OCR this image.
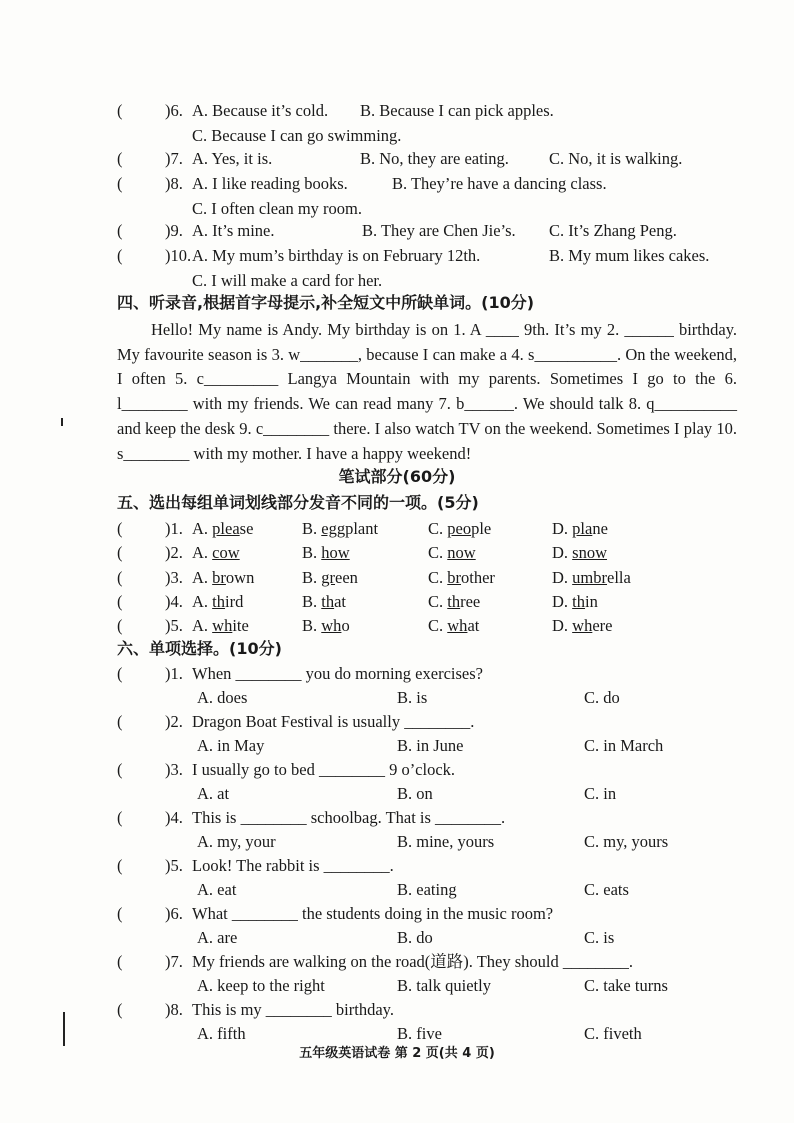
(	)6. A. Because it’s cold. B. Because I can pick apples.
C. Because I can go swimming.
(	)7. A. Yes, it is.	B. No, they are eating. C. No, it is walking.
(	)8. A. I like reading books.	B. They’re have a dancing class.
C. I often clean my room.
(	)9. A. It’s mine.	B. They are Chen Jie’s. C. It’s Zhang Peng.
(	)10. A. My mum’s birthday is on February 12th.	B. My mum likes cakes.
C. I will make a card for her.
四、听录音,根据首字母提示,补全短文中所缺单词。(10分)
Hello! My name is Andy. My birthday is on 1. A ____ 9th. It’s my 2. ______ birthday. My favourite season is 3. w_______, because I can make a 4. s__________. On the weekend, I often 5. c_________ Langya Mountain with my parents. Sometimes I go to the 6. l________ with my friends. We can read many 7. b______. We should talk 8. q__________ and keep the desk 9. c________ there. I also watch TV on the weekend. Sometimes I play 10. s________ with my mother. I have a happy weekend!
笔试部分(60分)
五、选出每组单词划线部分发音不同的一项。(5分)
(	)1. A. please	B. eggplant	C. people	D. plane
(	)2. A. cow	B. how	C. now	D. snow
(	)3. A. brown	B. green	C. brother	D. umbrella
(	)4. A. third	B. that	C. three	D. thin
(	)5. A. white	B. who	C. what	D. where
六、单项选择。(10分)
(	)1. When ________ you do morning exercises?
A. does	B. is	C. do
(	)2. Dragon Boat Festival is usually ________.
A. in May	B. in June	C. in March
(	)3. I usually go to bed ________ 9 o’clock.
A. at	B. on	C. in
(	)4. This is ________ schoolbag. That is ________.
A. my, your	B. mine, yours	C. my, yours
(	)5. Look! The rabbit is ________.
A. eat	B. eating	C. eats
(	)6. What ________ the students doing in the music room?
A. are	B. do	C. is
(	)7. My friends are walking on the road(道路). They should ________.
A. keep to the right	B. talk quietly	C. take turns
(	)8. This is my ________ birthday.
A. fifth	B. five	C. fiveth
五年级英语试卷 第 2 页(共 4 页)
